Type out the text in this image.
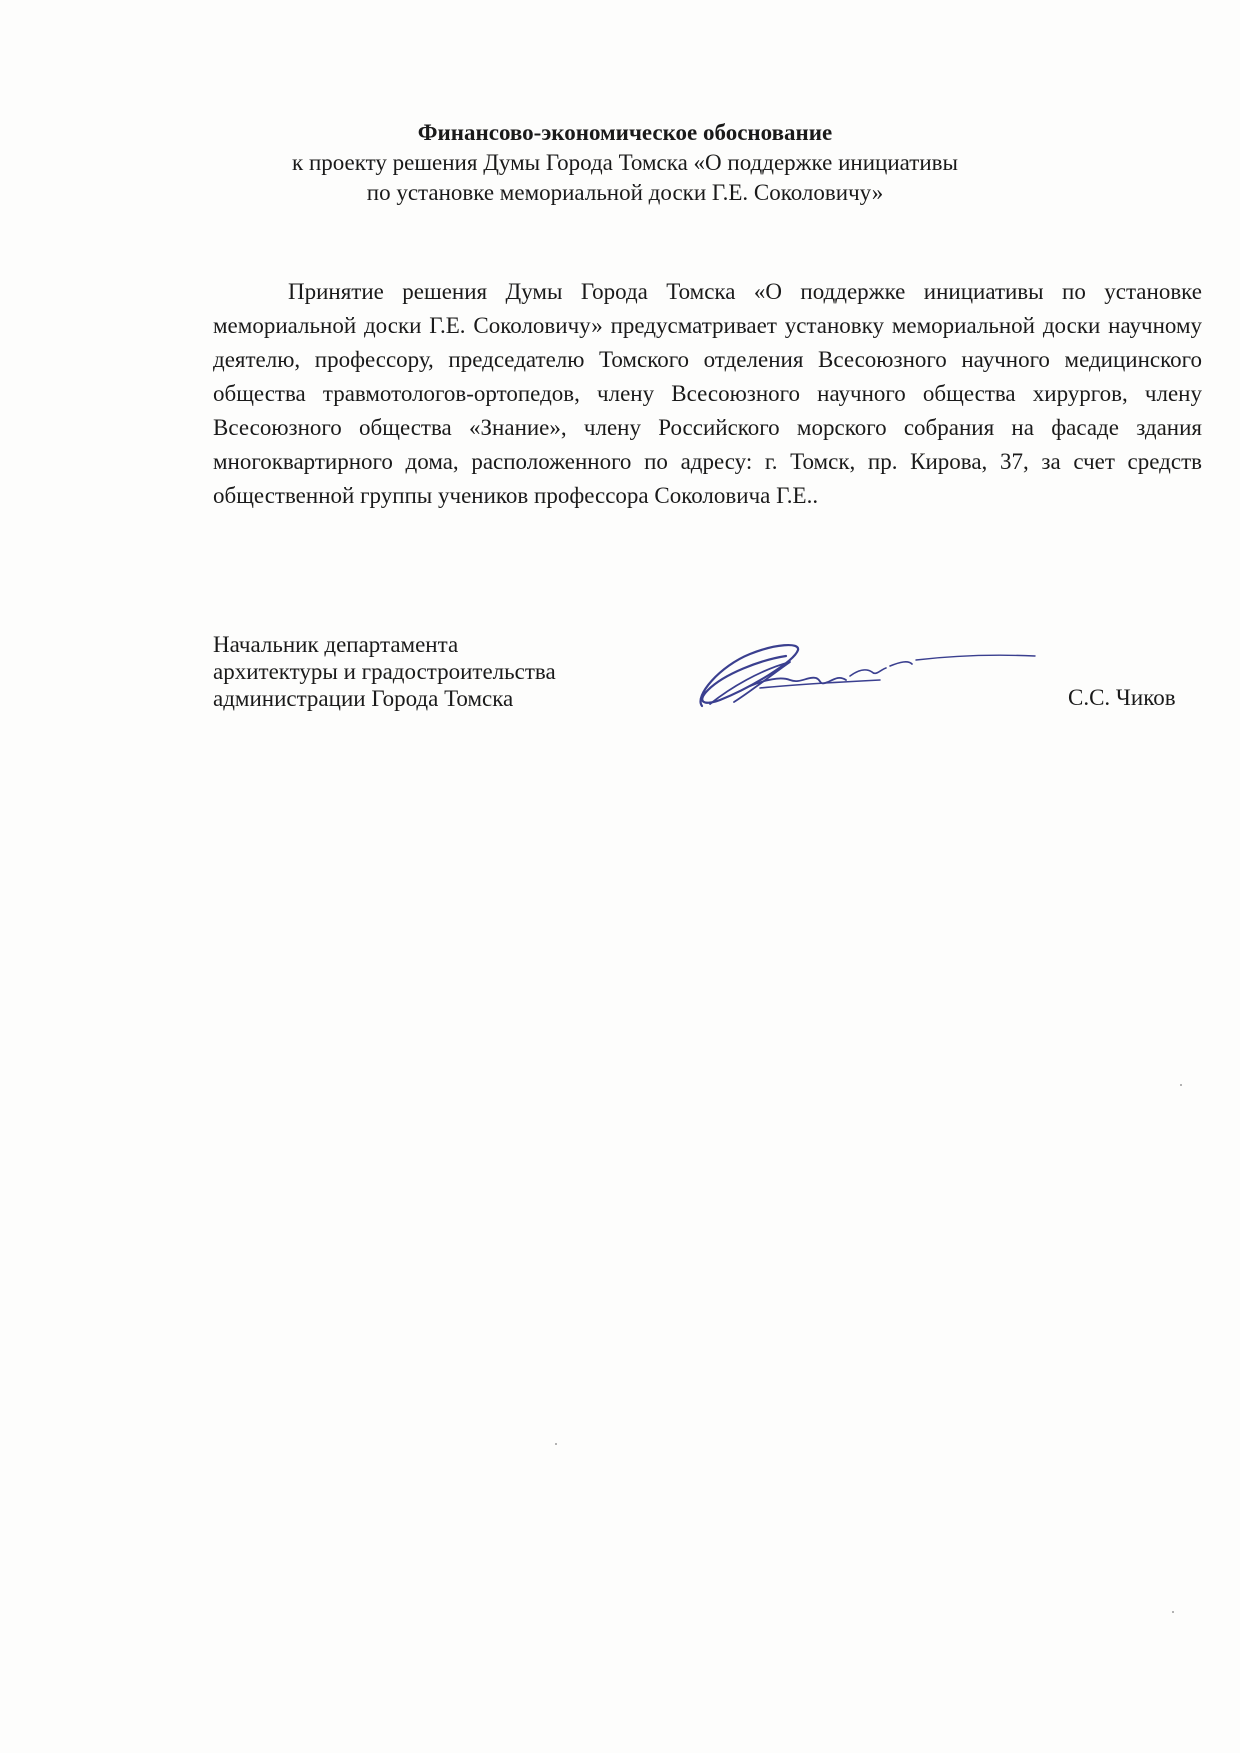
Финансово-экономическое обоснование
к проекту решения Думы Города Томска «О поддержке инициативы
по установке мемориальной доски Г.Е. Соколовичу»

Принятие решения Думы Города Томска «О поддержке инициативы по установке мемориальной доски Г.Е. Соколовичу» предусматривает установку мемориальной доски научному деятелю, профессору, председателю Томского отделения Всесоюзного научного медицинского общества травмотологов-ортопедов, члену Всесоюзного научного общества хирургов, члену Всесоюзного общества «Знание», члену Российского морского собрания на фасаде здания многоквартирного дома, расположенного по адресу: г. Томск, пр. Кирова, 37, за счет средств общественной группы учеников профессора Соколовича Г.Е..

Начальник департамента
архитектуры и градостроительства
администрации Города Томска	С.С. Чиков
